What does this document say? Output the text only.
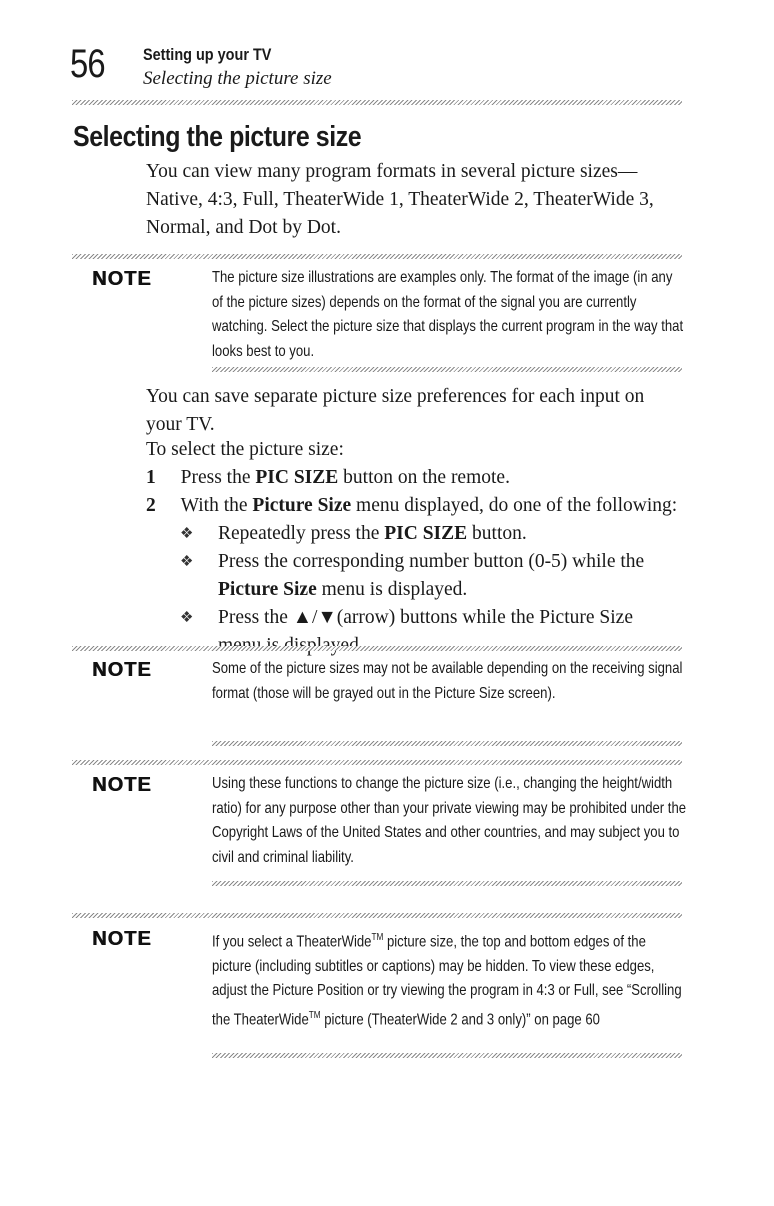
56 Setting up your TV
Selecting the picture size
Selecting the picture size
You can view many program formats in several picture sizes— Native, 4:3, Full, TheaterWide 1, TheaterWide 2, TheaterWide 3, Normal, and Dot by Dot.
NOTE	The picture size illustrations are examples only. The format of the image (in any of the picture sizes) depends on the format of the signal you are currently watching. Select the picture size that displays the current program in the way that looks best to you.
You can save separate picture size preferences for each input on your TV.
To select the picture size:
1 Press the PIC SIZE button on the remote.
2 With the Picture Size menu displayed, do one of the following:
❖ Repeatedly press the PIC SIZE button.
❖ Press the corresponding number button (0-5) while the Picture Size menu is displayed.
❖ Press the ▲/▼(arrow) buttons while the Picture Size
NOTE	Some of the picture sizes may not be available depending on the receiving signal format (those will be grayed out in the Picture Size screen).
NOTE	Using these functions to change the picture size (i.e., changing the height/width ratio) for any purpose other than your private viewing may be prohibited under the Copyright Laws of the United States and other countries, and may subject you to civil and criminal liability.
NOTE	If you select a TheaterWide™ picture size, the top and bottom edges of the picture (including subtitles or captions) may be hidden. To view these edges, adjust the Picture Position or try viewing the program in 4:3 or Full, see “Scrolling the TheaterWide™ picture (TheaterWide 2 and 3 only)” on page 60
